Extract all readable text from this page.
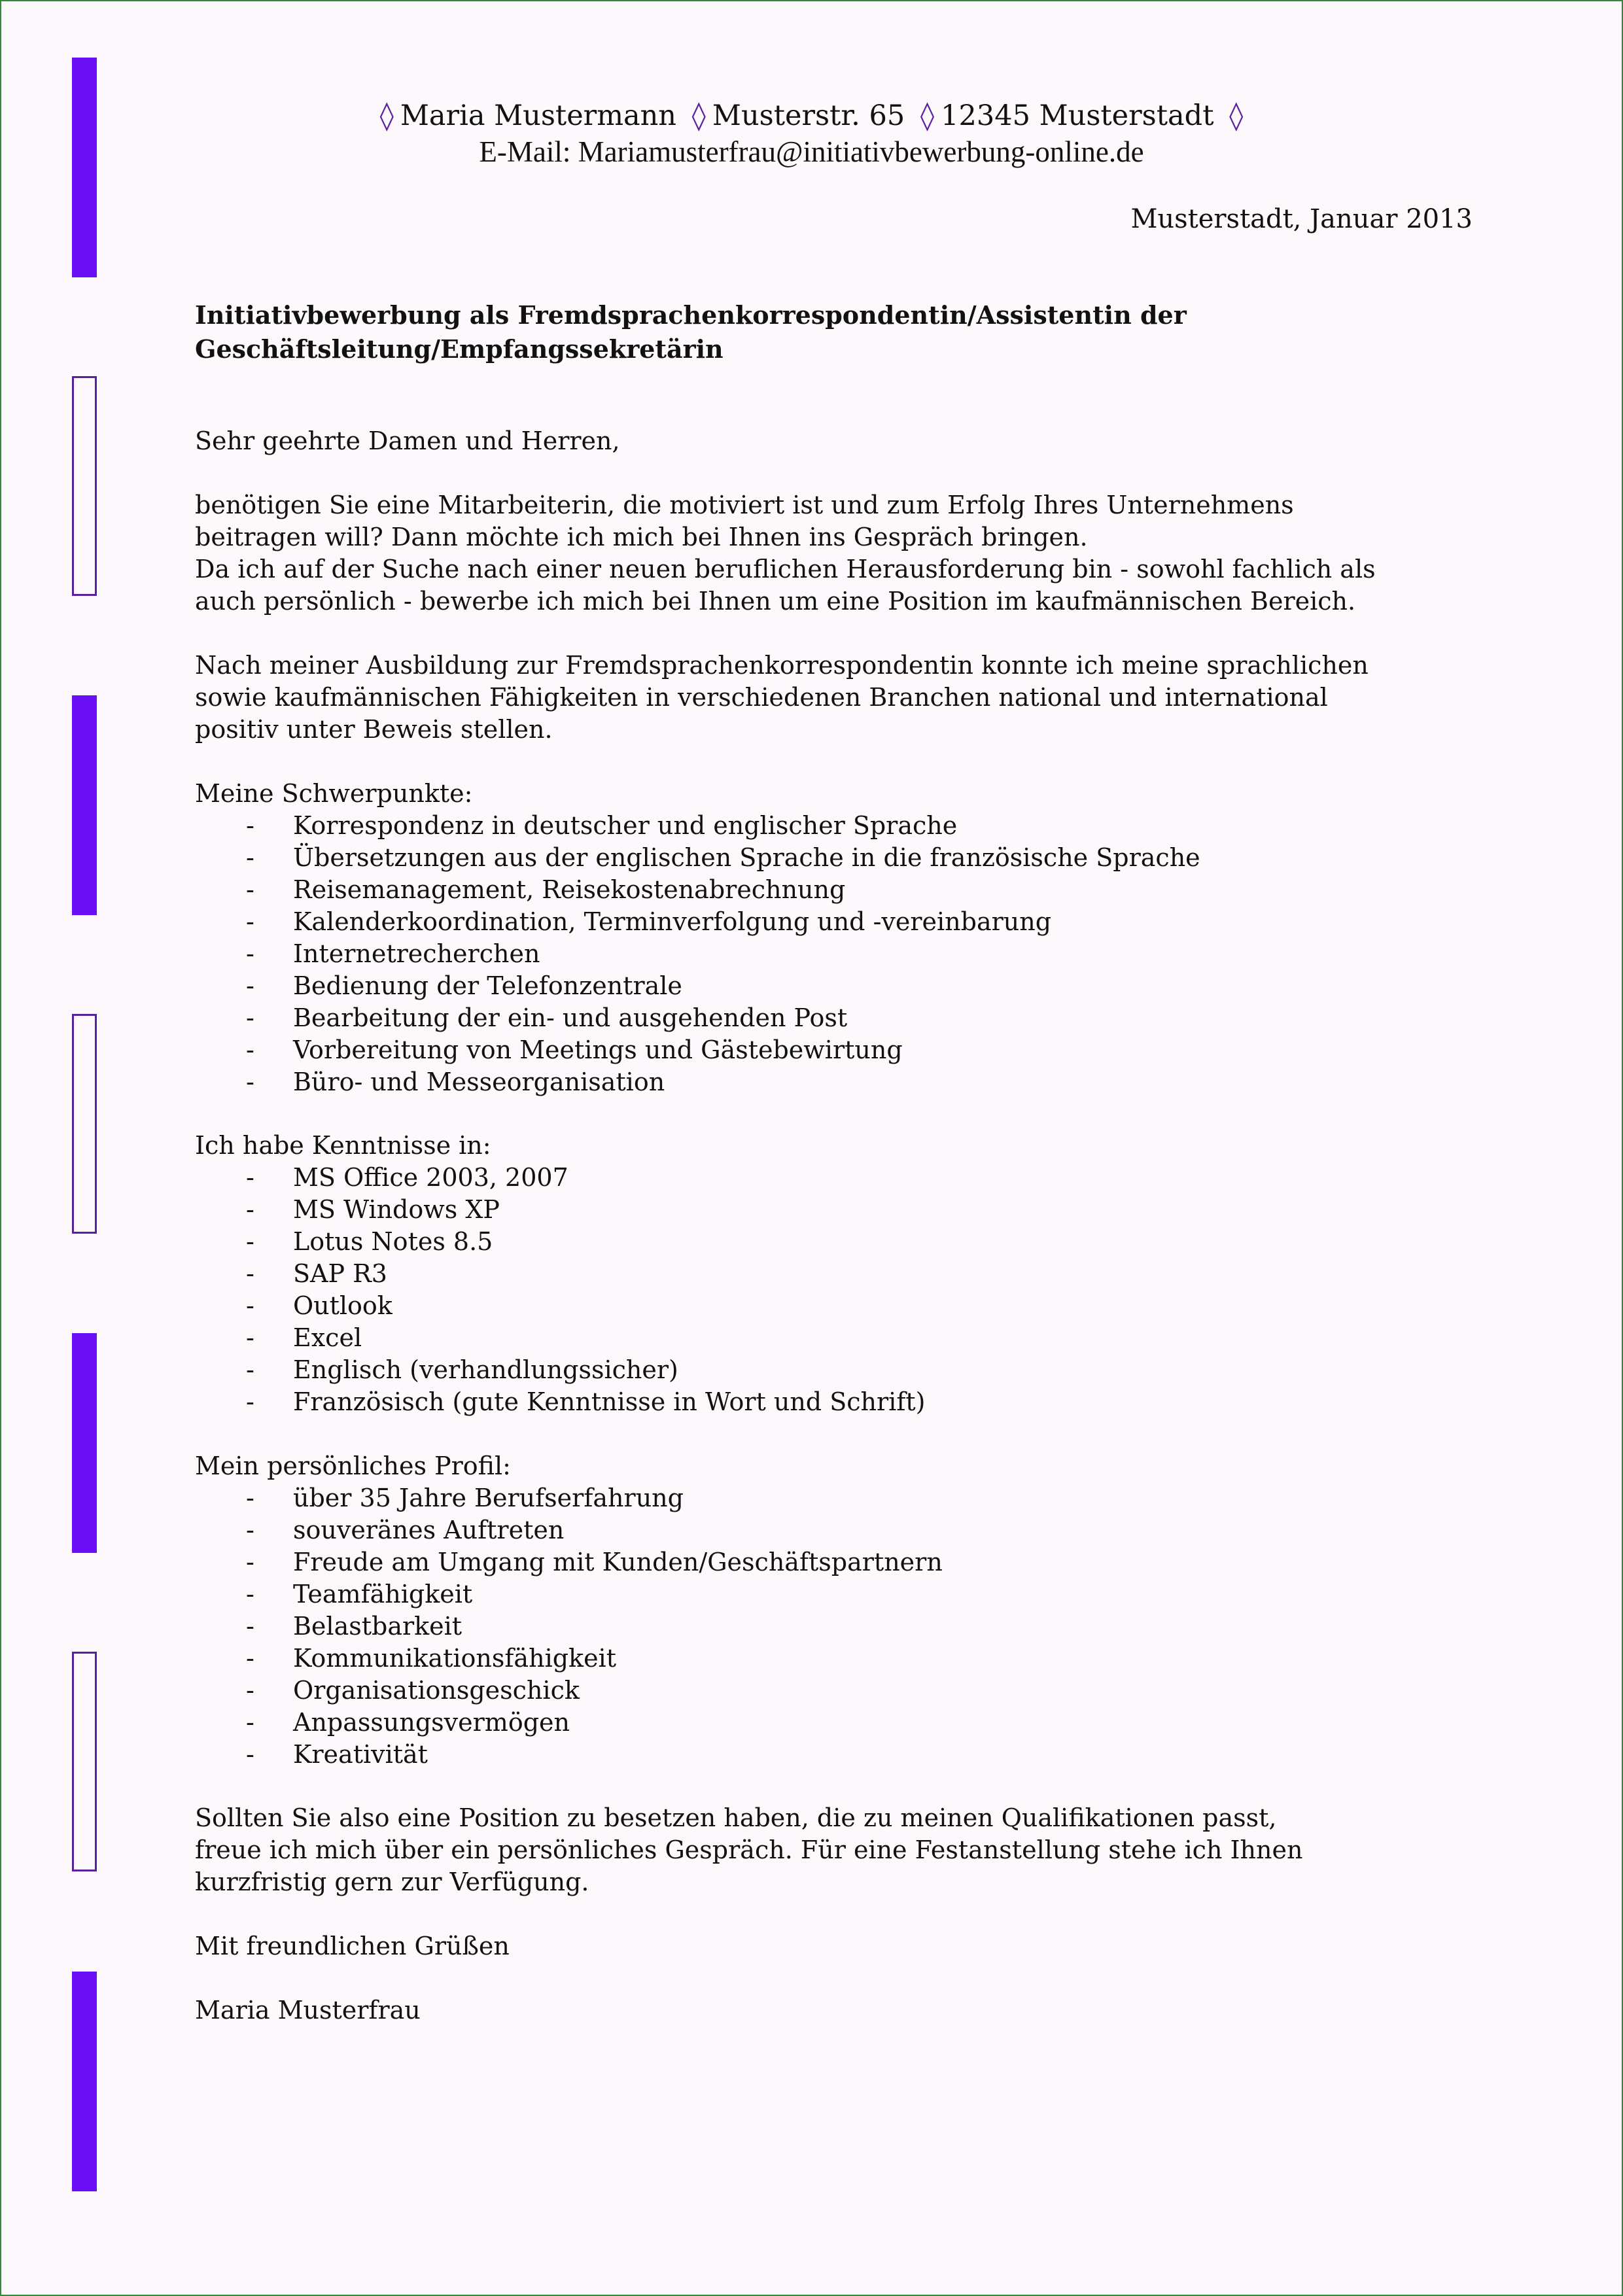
◊ Maria Mustermann ◊ Musterstr. 65 ◊ 12345 Musterstadt ◊
E-Mail: Mariamusterfrau@initiativbewerbung-online.de
Musterstadt, Januar 2013
Initiativbewerbung als Fremdsprachenkorrespondentin/Assistentin der
Geschäftsleitung/Empfangssekretärin
Sehr geehrte Damen und Herren,

benötigen Sie eine Mitarbeiterin, die motiviert ist und zum Erfolg Ihres Unternehmens

beitragen will? Dann möchte ich mich bei Ihnen ins Gespräch bringen.

Da ich auf der Suche nach einer neuen beruflichen Herausforderung bin - sowohl fachlich als

auch persönlich - bewerbe ich mich bei Ihnen um eine Position im kaufmännischen Bereich.

Nach meiner Ausbildung zur Fremdsprachenkorrespondentin konnte ich meine sprachlichen

sowie kaufmännischen Fähigkeiten in verschiedenen Branchen national und international

positiv unter Beweis stellen.

Meine Schwerpunkte:
- Korrespondenz in deutscher und englischer Sprache
- Übersetzungen aus der englischen Sprache in die französische Sprache
- Reisemanagement, Reisekostenabrechnung
- Kalenderkoordination, Terminverfolgung und -vereinbarung
- Internetrecherchen
- Bedienung der Telefonzentrale
- Bearbeitung der ein- und ausgehenden Post
- Vorbereitung von Meetings und Gästebewirtung
- Büro- und Messeorganisation
Ich habe Kenntnisse in:
- MS Office 2003, 2007
- MS Windows XP
- Lotus Notes 8.5
- SAP R3
- Outlook
- Excel
- Englisch (verhandlungssicher)
- Französisch (gute Kenntnisse in Wort und Schrift)
Mein persönliches Profil:
- über 35 Jahre Berufserfahrung
- souveränes Auftreten
- Freude am Umgang mit Kunden/Geschäftspartnern
- Teamfähigkeit
- Belastbarkeit
- Kommunikationsfähigkeit
- Organisationsgeschick
- Anpassungsvermögen
- Kreativität

Sollten Sie also eine Position zu besetzen haben, die zu meinen Qualifikationen passt,

freue ich mich über ein persönliches Gespräch. Für eine Festanstellung stehe ich Ihnen

kurzfristig gern zur Verfügung.

Mit freundlichen Grüßen
Maria Musterfrau
